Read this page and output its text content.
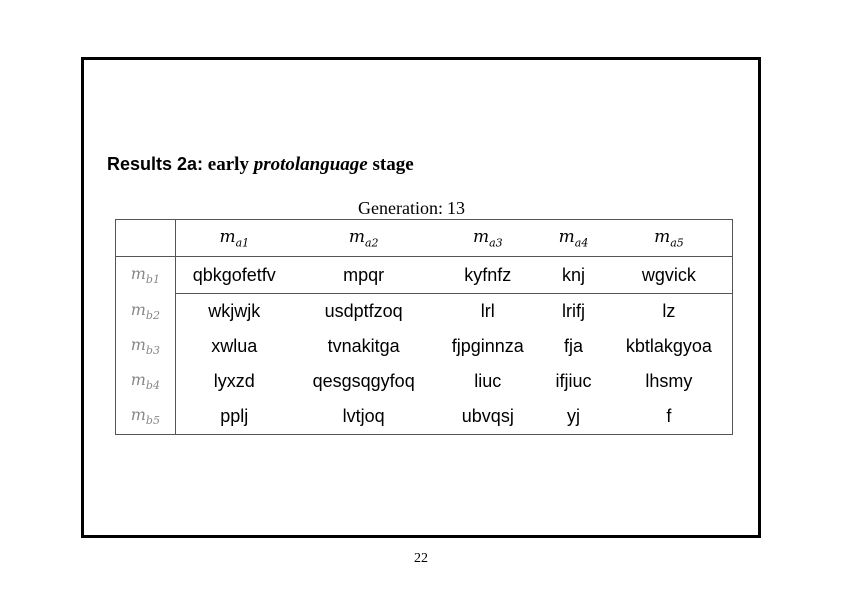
Results 2a: early protolanguage stage
Generation: 13
	$m_{a1}$	$m_{a2}$	$m_{a3}$	$m_{a4}$	$m_{a5}$
$m_{b1}$	qbkgofetfv	mpqr	kyfnfz	knj	wgvick
$m_{b2}$	wkjwjk	usdptfzoq	lrl	lrifj	lz
$m_{b3}$	xwlua	tvnakitga	fjpginnza	fja	kbtlakgyoa
$m_{b4}$	lyxzd	qesgsqgyfoq	liuc	ifjiuc	lhsmy
$m_{b5}$	pplj	lvtjoq	ubvqsj	yj	f
22
